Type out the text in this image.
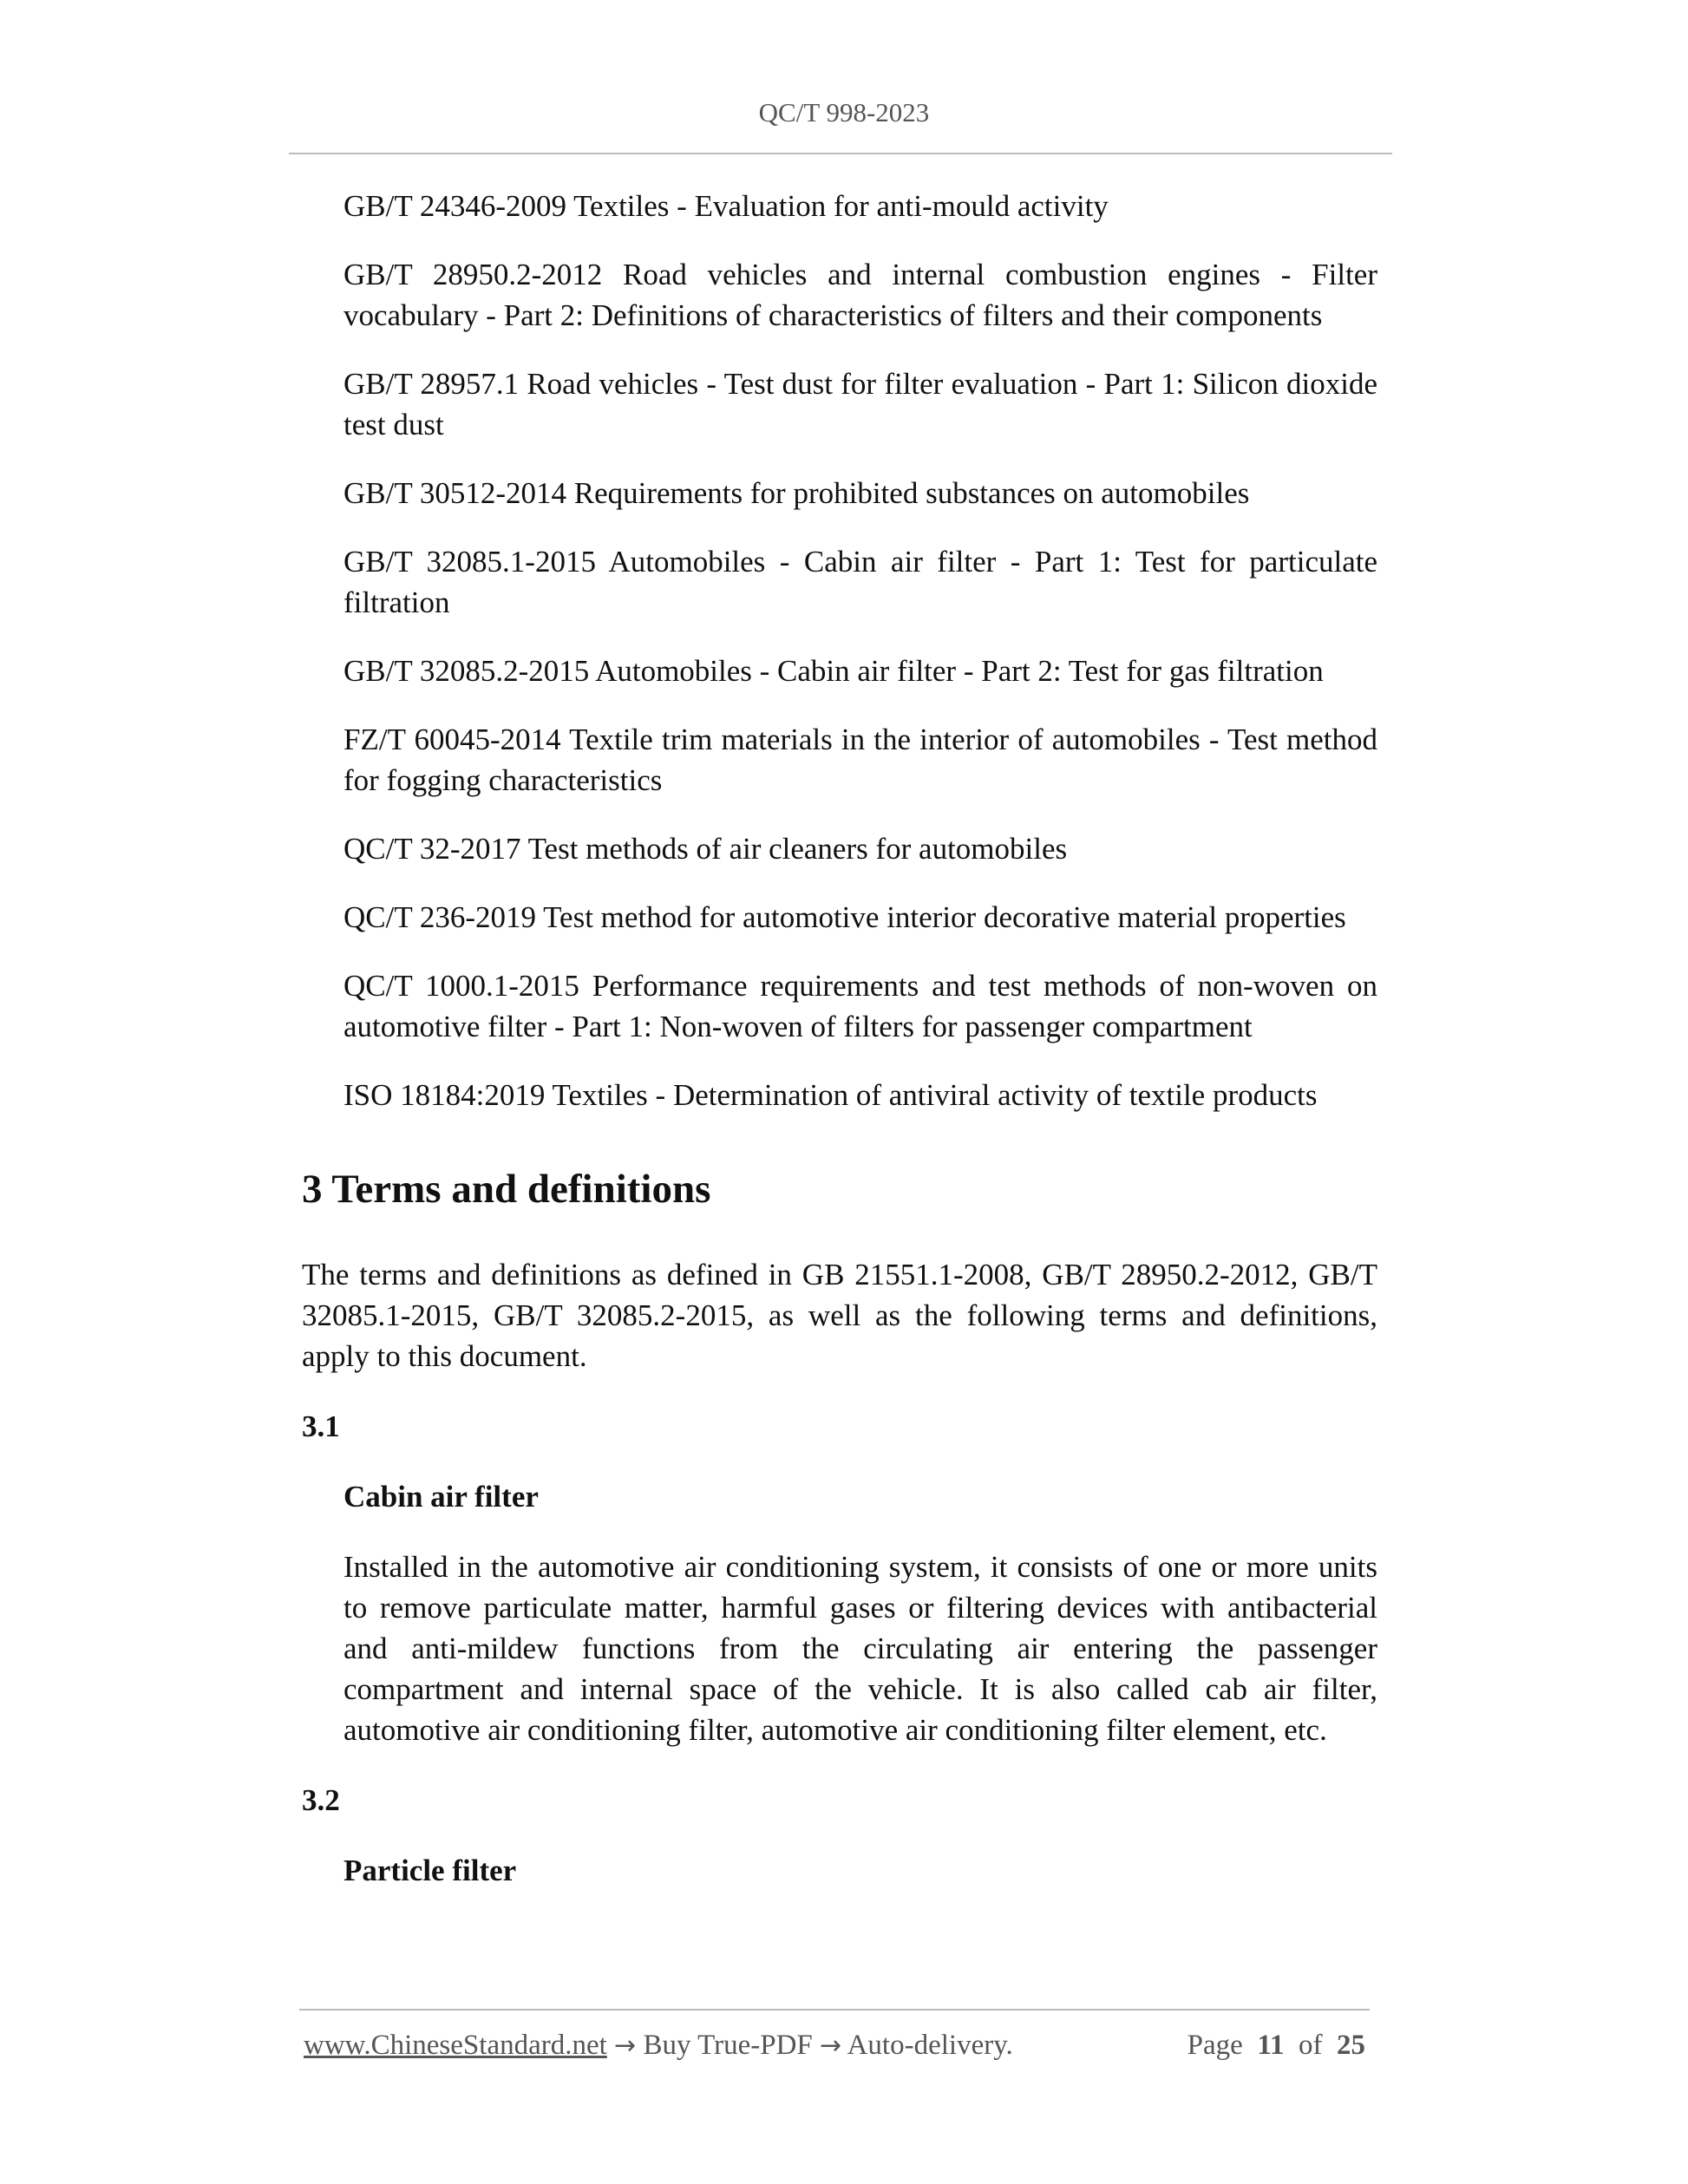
QC/T 998-2023
GB/T 24346-2009 Textiles - Evaluation for anti-mould activity
GB/T 28950.2-2012 Road vehicles and internal combustion engines - Filter vocabulary - Part 2: Definitions of characteristics of filters and their components
GB/T 28957.1 Road vehicles - Test dust for filter evaluation - Part 1: Silicon dioxide test dust
GB/T 30512-2014 Requirements for prohibited substances on automobiles
GB/T 32085.1-2015 Automobiles - Cabin air filter - Part 1: Test for particulate filtration
GB/T 32085.2-2015 Automobiles - Cabin air filter - Part 2: Test for gas filtration
FZ/T 60045-2014 Textile trim materials in the interior of automobiles - Test method for fogging characteristics
QC/T 32-2017 Test methods of air cleaners for automobiles
QC/T 236-2019 Test method for automotive interior decorative material properties
QC/T 1000.1-2015 Performance requirements and test methods of non-woven on automotive filter - Part 1: Non-woven of filters for passenger compartment
ISO 18184:2019 Textiles - Determination of antiviral activity of textile products
3 Terms and definitions
The terms and definitions as defined in GB 21551.1-2008, GB/T 28950.2-2012, GB/T 32085.1-2015, GB/T 32085.2-2015, as well as the following terms and definitions, apply to this document.
3.1
Cabin air filter
Installed in the automotive air conditioning system, it consists of one or more units to remove particulate matter, harmful gases or filtering devices with antibacterial and anti-mildew functions from the circulating air entering the passenger compartment and internal space of the vehicle. It is also called cab air filter, automotive air conditioning filter, automotive air conditioning filter element, etc.
3.2
Particle filter
www.ChineseStandard.net → Buy True-PDF → Auto-delivery.	Page 11 of 25
